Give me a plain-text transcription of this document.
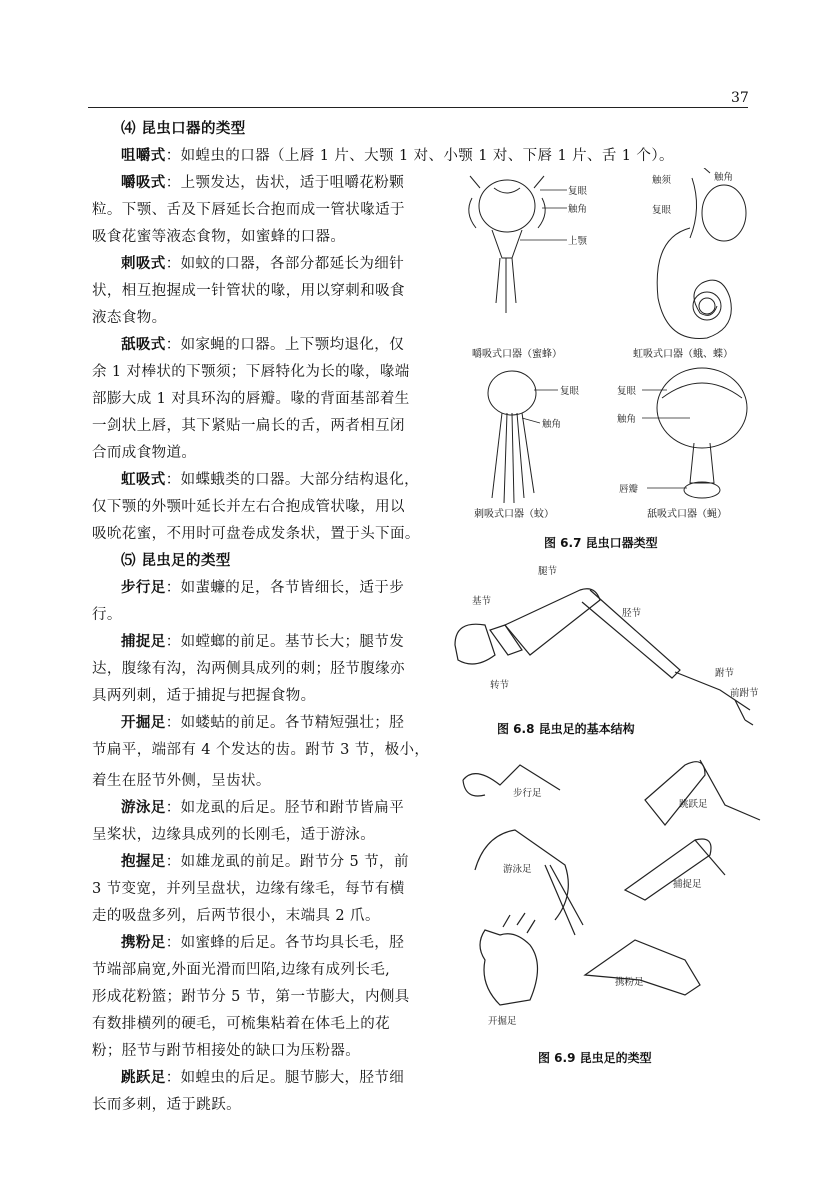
37
⑷ 昆虫口器的类型
咀嚼式：如蝗虫的口器（上唇 1 片、大颚 1 对、小颚 1 对、下唇 1 片、舌 1 个）。
嚼吸式：上颚发达，齿状，适于咀嚼花粉颗
粒。下颚、舌及下唇延长合抱而成一管状喙适于
吸食花蜜等液态食物，如蜜蜂的口器。
刺吸式：如蚊的口器，各部分都延长为细针
状，相互抱握成一针管状的喙，用以穿刺和吸食
液态食物。
舐吸式：如家蝇的口器。上下颚均退化，仅
余 1 对棒状的下颚须；下唇特化为长的喙，喙端
部膨大成 1 对具环沟的唇瓣。喙的背面基部着生
一剑状上唇，其下紧贴一扁长的舌，两者相互闭
合而成食物道。
虹吸式：如蝶蛾类的口器。大部分结构退化，
仅下颚的外颚叶延长并左右合抱成管状喙，用以
吸吮花蜜，不用时可盘卷成发条状，置于头下面。
⑸ 昆虫足的类型
步行足：如蜚蠊的足，各节皆细长，适于步
行。
捕捉足：如螳螂的前足。基节长大；腿节发
达，腹缘有沟，沟两侧具成列的刺；胫节腹缘亦
具两列刺，适于捕捉与把握食物。
开掘足：如蝼蛄的前足。各节精短强壮；胫
节扁平，端部有 4 个发达的齿。跗节 3 节，极小，
着生在胫节外侧，呈齿状。
游泳足：如龙虱的后足。胫节和跗节皆扁平
呈桨状，边缘具成列的长刚毛，适于游泳。
抱握足：如雄龙虱的前足。跗节分 5 节，前
3 节变宽，并列呈盘状，边缘有缘毛，每节有横
走的吸盘多列，后两节很小，末端具 2 爪。
携粉足：如蜜蜂的后足。各节均具长毛，胫
节端部扁宽,外面光滑而凹陷,边缘有成列长毛,
形成花粉篮；跗节分 5 节，第一节膨大，内侧具
有数排横列的硬毛，可梳集粘着在体毛上的花
粉；胫节与跗节相接处的缺口为压粉器。
跳跃足：如蝗虫的后足。腿节膨大，胫节细
长而多刺，适于跳跃。
复眼
触角
上颚
触须	触角
复眼
复眼
触角
复眼
触角
唇瓣
嚼吸式口器（蜜蜂）	虹吸式口器（蛾、蝶）
刺吸式口器（蚊）	舐吸式口器（蝇）
图 6.7 昆虫口器类型
腿节
基节
胫节
转节
跗节
前跗节
图 6.8 昆虫足的基本结构
步行足
跳跃足
游泳足
捕捉足
携粉足
开掘足
图 6.9 昆虫足的类型
